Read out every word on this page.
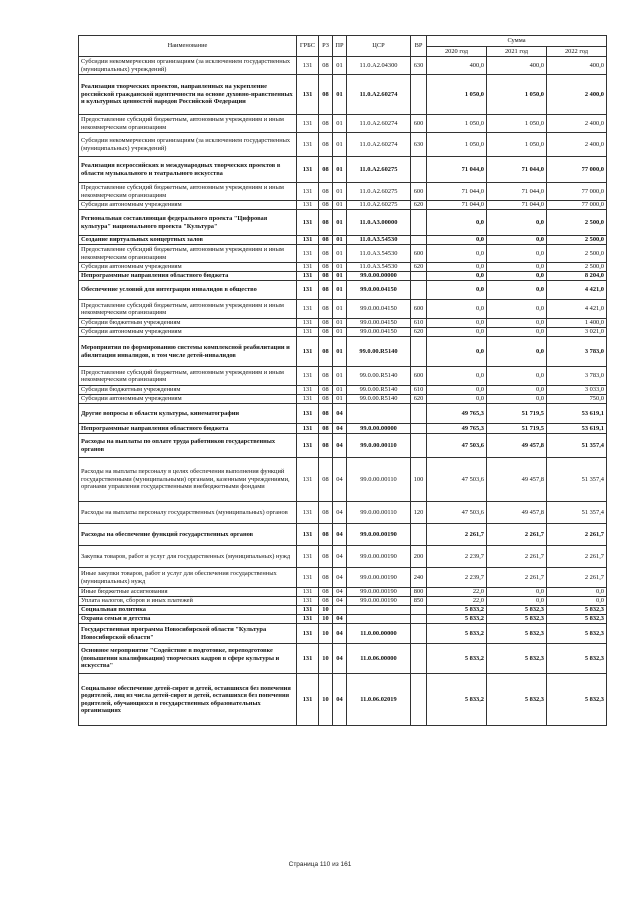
Наименование	ГРБС	РЗ	ПР	ЦСР	ВР	Сумма		
						2020 год	2021 год	2022 год
Субсидии некоммерческим организациям (за исключением государственных (муниципальных) учреждений)	131	08	01	11.0.A2.04300	630	400,0	400,0	400,0
Реализация творческих проектов, направленных на укрепление российской гражданской идентичности на основе духовно-нравственных и культурных ценностей народов Российской Федерации	131	08	01	11.0.A2.60274		1 050,0	1 050,0	2 400,0
Предоставление субсидий бюджетным, автономным учреждениям и иным некоммерческим организациям	131	08	01	11.0.A2.60274	600	1 050,0	1 050,0	2 400,0
Субсидии некоммерческим организациям (за исключением государственных (муниципальных) учреждений)	131	08	01	11.0.A2.60274	630	1 050,0	1 050,0	2 400,0
Реализация всероссийских и международных творческих проектов в области музыкального и театрального искусства	131	08	01	11.0.A2.60275		71 044,0	71 044,0	77 000,0
Предоставление субсидий бюджетным, автономным учреждениям и иным некоммерческим организациям	131	08	01	11.0.A2.60275	600	71 044,0	71 044,0	77 000,0
Субсидии автономным учреждениям	131	08	01	11.0.A2.60275	620	71 044,0	71 044,0	77 000,0
Региональная составляющая федерального проекта "Цифровая культура" национального проекта "Культура"	131	08	01	11.0.A3.00000		0,0	0,0	2 500,0
Создание виртуальных концертных залов	131	08	01	11.0.A3.54530		0,0	0,0	2 500,0
Предоставление субсидий бюджетным, автономным учреждениям и иным некоммерческим организациям	131	08	01	11.0.A3.54530	600	0,0	0,0	2 500,0
Субсидии автономным учреждениям	131	08	01	11.0.A3.54530	620	0,0	0,0	2 500,0
Непрограммные направления областного бюджета	131	08	01	99.0.00.00000		0,0	0,0	8 204,0
Обеспечение условий для интеграции инвалидов в общество	131	08	01	99.0.00.04150		0,0	0,0	4 421,0
Предоставление субсидий бюджетным, автономным учреждениям и иным некоммерческим организациям	131	08	01	99.0.00.04150	600	0,0	0,0	4 421,0
Субсидии бюджетным учреждениям	131	08	01	99.0.00.04150	610	0,0	0,0	1 400,0
Субсидии автономным учреждениям	131	08	01	99.0.00.04150	620	0,0	0,0	3 021,0
Мероприятия по формированию системы комплексной реабилитации и абилитации инвалидов, в том числе детей-инвалидов	131	08	01	99.0.00.R5140		0,0	0,0	3 783,0
Предоставление субсидий бюджетным, автономным учреждениям и иным некоммерческим организациям	131	08	01	99.0.00.R5140	600	0,0	0,0	3 783,0
Субсидии бюджетным учреждениям	131	08	01	99.0.00.R5140	610	0,0	0,0	3 033,0
Субсидии автономным учреждениям	131	08	01	99.0.00.R5140	620	0,0	0,0	750,0
Другие вопросы в области культуры, кинематографии	131	08	04			49 765,3	51 719,5	53 619,1
Непрограммные направления областного бюджета	131	08	04	99.0.00.00000		49 765,3	51 719,5	53 619,1
Расходы на выплаты по оплате труда работников государственных органов	131	08	04	99.0.00.00110		47 503,6	49 457,8	51 357,4
Расходы на выплаты персоналу в целях обеспечения выполнения функций государственными (муниципальными) органами, казенными учреждениями, органами управления государственными внебюджетными фондами	131	08	04	99.0.00.00110	100	47 503,6	49 457,8	51 357,4
Расходы на выплаты персоналу государственных (муниципальных) органов	131	08	04	99.0.00.00110	120	47 503,6	49 457,8	51 357,4
Расходы на обеспечение функций государственных органов	131	08	04	99.0.00.00190		2 261,7	2 261,7	2 261,7
Закупка товаров, работ и услуг для государственных (муниципальных) нужд	131	08	04	99.0.00.00190	200	2 239,7	2 261,7	2 261,7
Иные закупки товаров, работ и услуг для обеспечения государственных (муниципальных) нужд	131	08	04	99.0.00.00190	240	2 239,7	2 261,7	2 261,7
Иные бюджетные ассигнования	131	08	04	99.0.00.00190	800	22,0	0,0	0,0
Уплата налогов, сборов и иных платежей	131	08	04	99.0.00.00190	850	22,0	0,0	0,0
Социальная политика	131	10				5 833,2	5 832,3	5 832,3
Охрана семьи и детства	131	10	04			5 833,2	5 832,3	5 832,3
Государственная программа Новосибирской области "Культура Новосибирской области"	131	10	04	11.0.00.00000		5 833,2	5 832,3	5 832,3
Основное мероприятие "Содействие в подготовке, переподготовке (повышении квалификации) творческих кадров в сфере культуры и искусства"	131	10	04	11.0.06.00000		5 833,2	5 832,3	5 832,3
Социальное обеспечение детей-сирот и детей, оставшихся без попечения родителей, лиц из числа детей-сирот и детей, оставшихся без попечения родителей, обучающихся в государственных образовательных организациях	131	10	04	11.0.06.02019		5 833,2	5 832,3	5 832,3
Страница 110 из 161
